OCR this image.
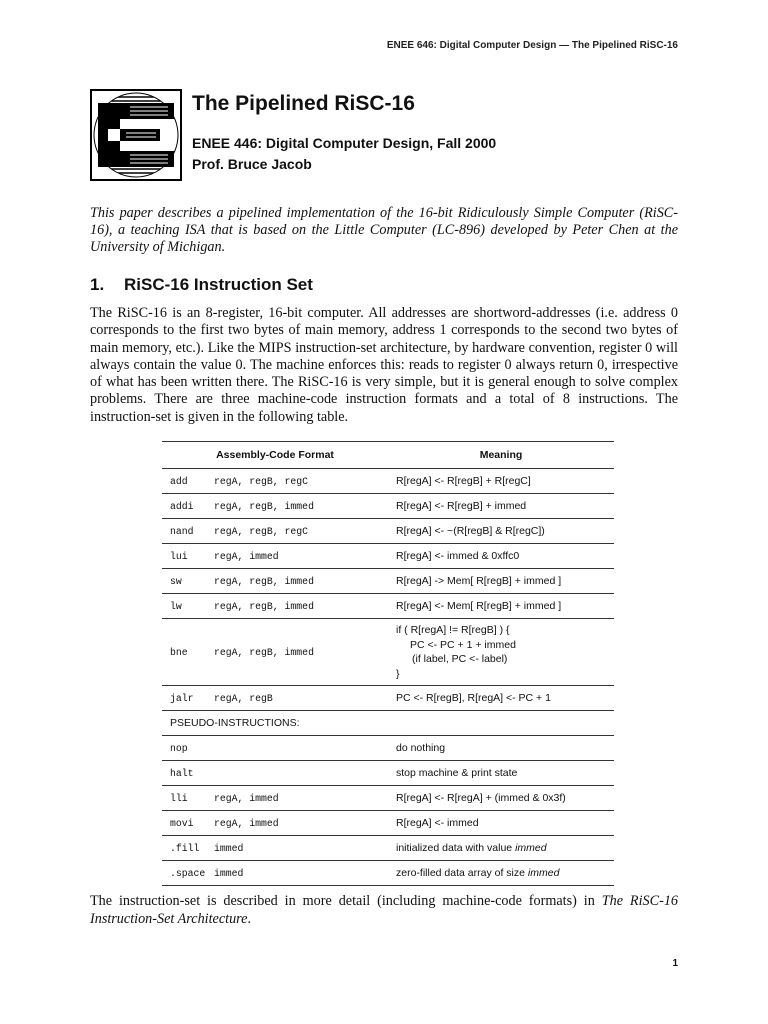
ENEE 646: Digital Computer Design — The Pipelined RiSC-16
The Pipelined RiSC-16

ENEE 446: Digital Computer Design, Fall 2000

Prof. Bruce Jacob

This paper describes a pipelined implementation of the 16-bit Ridiculously Simple Computer (RiSC-16), a teaching ISA that is based on the Little Computer (LC-896) developed by Peter Chen at the University of Michigan.

1. RiSC-16 Instruction Set

The RiSC-16 is an 8-register, 16-bit computer. All addresses are shortword-addresses (i.e. address 0 corresponds to the first two bytes of main memory, address 1 corresponds to the second two bytes of main memory, etc.). Like the MIPS instruction-set architecture, by hardware convention, register 0 will always contain the value 0. The machine enforces this: reads to register 0 always return 0, irrespective of what has been written there. The RiSC-16 is very simple, but it is general enough to solve complex problems. There are three machine-code instruction formats and a total of 8 instructions. The instruction-set is given in the following table.

Assembly-Code Format	Meaning
add regA, regB, regC	R[regA] <- R[regB] + R[regC]
addi regA, regB, immed	R[regA] <- R[regB] + immed
nand regA, regB, regC	R[regA] <- ~(R[regB] & R[regC])
lui regA, immed	R[regA] <- immed & 0xffc0
sw regA, regB, immed	R[regA] -> Mem[ R[regB] + immed ]
lw regA, regB, immed	R[regA] <- Mem[ R[regB] + immed ]
bne regA, regB, immed	if ( R[regA] != R[regB] ) {
PC <- PC + 1 + immed
(if label, PC <- label)
}

jalr regA, regB	PC <- R[regB], R[regA] <- PC + 1
PSEUDO-INSTRUCTIONS:	
nop	do nothing
halt	stop machine & print state
lli regA, immed	R[regA] <- R[regA] + (immed & 0x3f)
movi regA, immed	R[regA] <- immed
.fill immed	initialized data with value immed
.space immed	zero-filled data array of size immed

The instruction-set is described in more detail (including machine-code formats) in The RiSC-16 Instruction-Set Architecture.

1
